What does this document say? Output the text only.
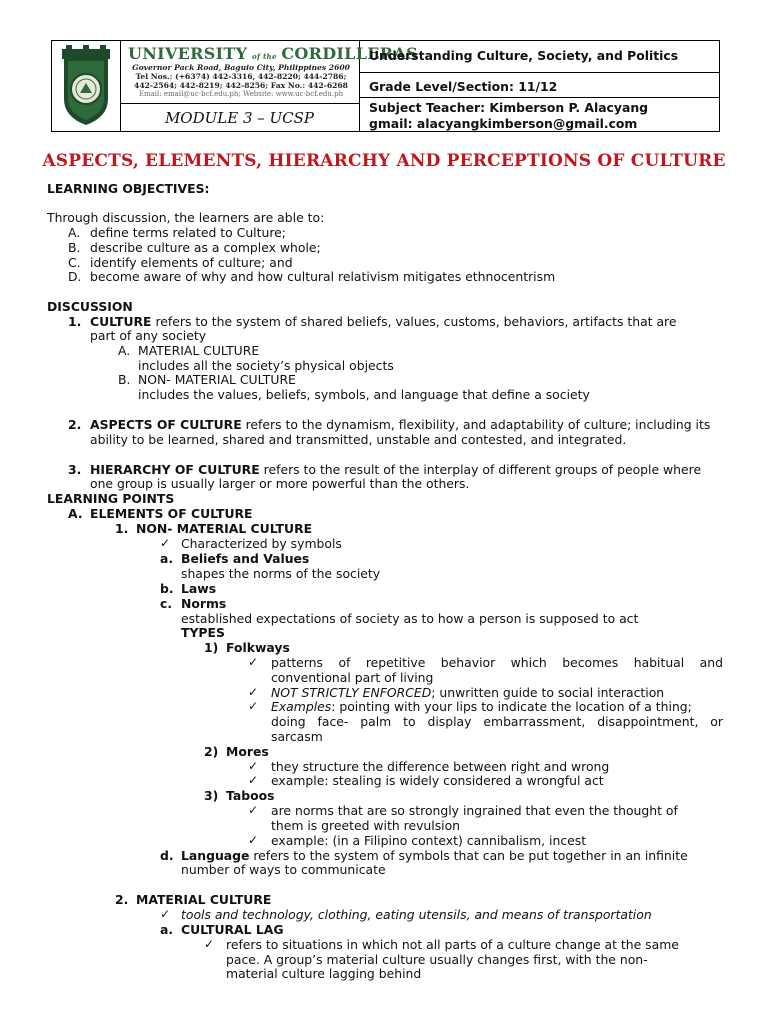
UNIVERSITY of the CORDILLERAS
Governor Pack Road, Baguio City, Philippines 2600
Tel Nos.: (+6374) 442-3316, 442-8220; 444-2786;
442-2564; 442-8219; 442-8256; Fax No.: 442-6268
Email: email@uc-bcf.edu.ph; Website: www.uc-bcf.edu.ph
MODULE 3 – UCSP
Understanding Culture, Society, and Politics
Grade Level/Section: 11/12
Subject Teacher: Kimberson P. Alacyang
gmail: alacyangkimberson@gmail.com
ASPECTS, ELEMENTS, HIERARCHY AND PERCEPTIONS OF CULTURE
LEARNING OBJECTIVES:
Through discussion, the learners are able to:
A. define terms related to Culture;
B. describe culture as a complex whole;
C. identify elements of culture; and
D. become aware of why and how cultural relativism mitigates ethnocentrism
DISCUSSION
1. CULTURE refers to the system of shared beliefs, values, customs, behaviors, artifacts that are
part of any society
A. MATERIAL CULTURE
includes all the society’s physical objects
B. NON- MATERIAL CULTURE
includes the values, beliefs, symbols, and language that define a society
2. ASPECTS OF CULTURE refers to the dynamism, flexibility, and adaptability of culture; including its
ability to be learned, shared and transmitted, unstable and contested, and integrated.
3. HIERARCHY OF CULTURE refers to the result of the interplay of different groups of people where
one group is usually larger or more powerful than the others.
LEARNING POINTS
A. ELEMENTS OF CULTURE
1. NON- MATERIAL CULTURE
✓ Characterized by symbols
a. Beliefs and Values
shapes the norms of the society
b. Laws
c. Norms
established expectations of society as to how a person is supposed to act
TYPES
1) Folkways
✓ patterns of repetitive behavior which becomes habitual and
conventional part of living
✓ NOT STRICTLY ENFORCED; unwritten guide to social interaction
✓ Examples: pointing with your lips to indicate the location of a thing;
doing face- palm to display embarrassment, disappointment, or
sarcasm
2) Mores
✓ they structure the difference between right and wrong
✓ example: stealing is widely considered a wrongful act
3) Taboos
✓ are norms that are so strongly ingrained that even the thought of
them is greeted with revulsion
✓ example: (in a Filipino context) cannibalism, incest
d. Language refers to the system of symbols that can be put together in an infinite
number of ways to communicate
2. MATERIAL CULTURE
✓ tools and technology, clothing, eating utensils, and means of transportation
a. CULTURAL LAG
✓ refers to situations in which not all parts of a culture change at the same
pace. A group’s material culture usually changes first, with the non-
material culture lagging behind
